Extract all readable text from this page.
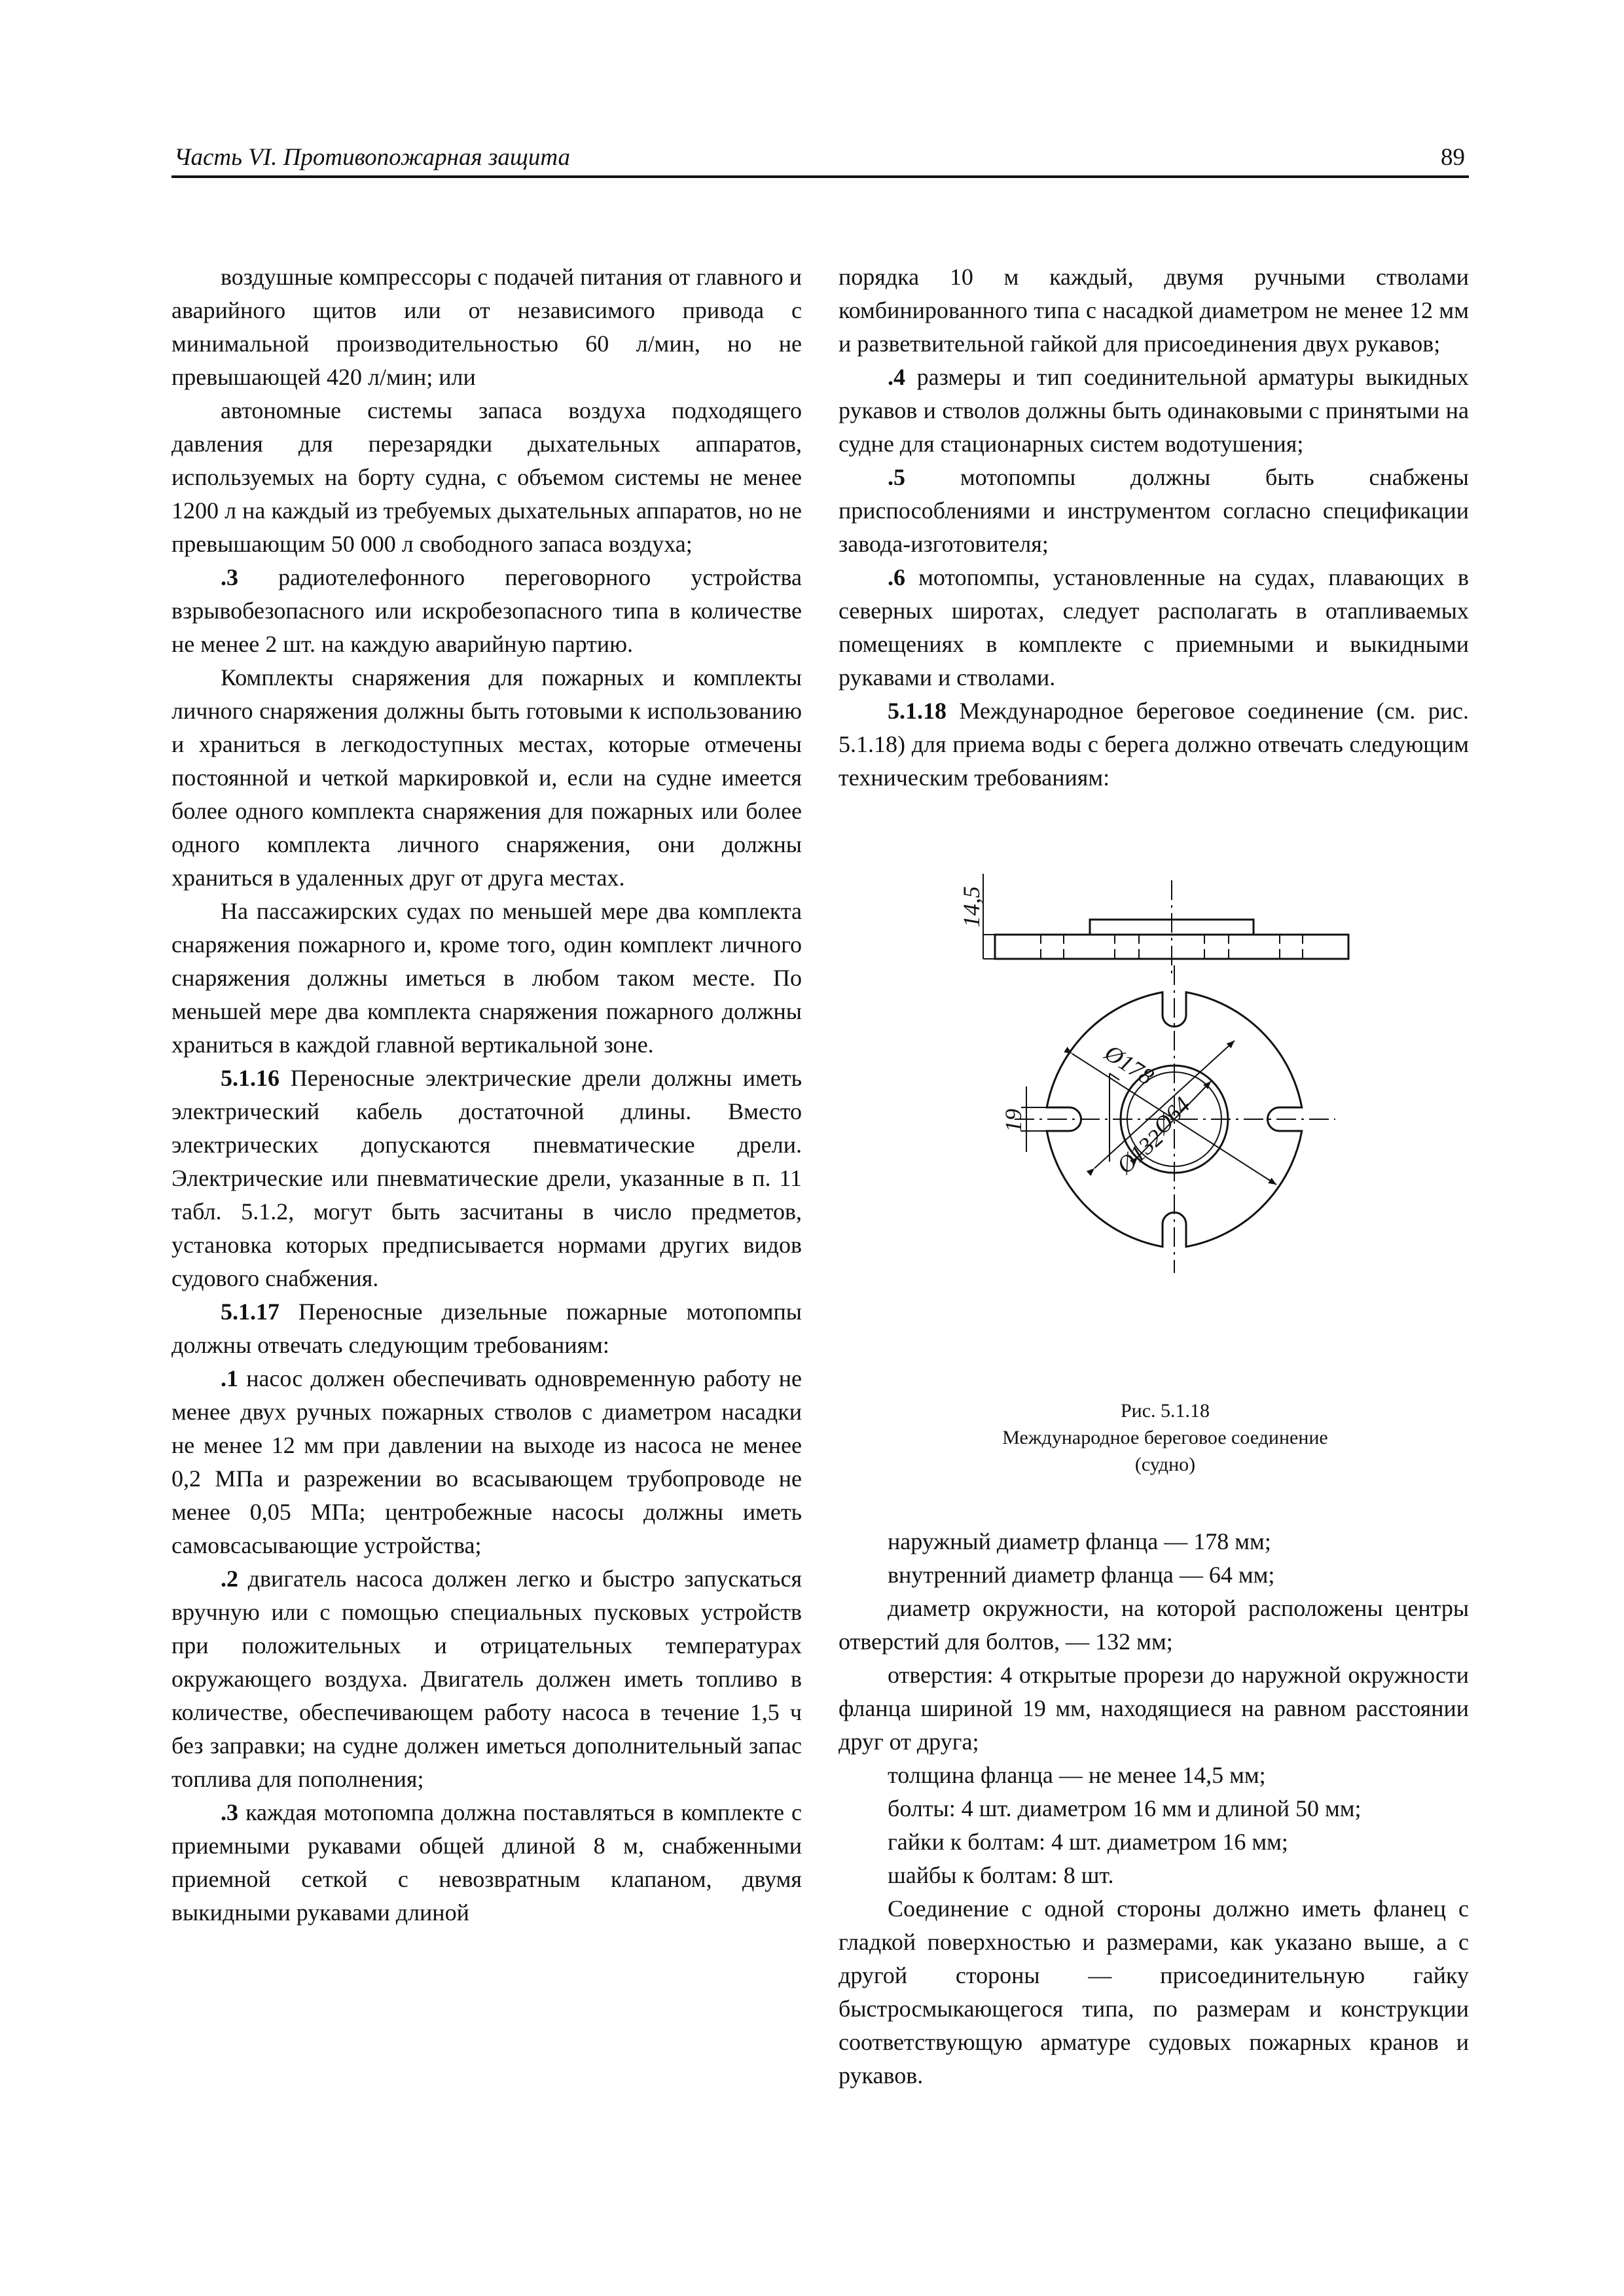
Часть VI. Противопожарная защита	89

воздушные компрессоры с подачей питания от главного и аварийного щитов или от независимого привода с минимальной производительностью 60 л/мин, но не превышающей 420 л/мин; или

автономные системы запаса воздуха подходящего давления для перезарядки дыхательных аппаратов, используемых на борту судна, с объемом системы не менее 1200 л на каждый из требуемых дыхательных аппаратов, но не превышающим 50 000 л свободного запаса воздуха;

.3 радиотелефонного переговорного устройства взрывобезопасного или искробезопасного типа в количестве не менее 2 шт. на каждую аварийную партию.

Комплекты снаряжения для пожарных и комплекты личного снаряжения должны быть готовыми к использованию и храниться в легкодоступных местах, которые отмечены постоянной и четкой маркировкой и, если на судне имеется более одного комплекта снаряжения для пожарных или более одного комплекта личного снаряжения, они должны храниться в удаленных друг от друга местах.

На пассажирских судах по меньшей мере два комплекта снаряжения пожарного и, кроме того, один комплект личного снаряжения должны иметься в любом таком месте. По меньшей мере два комплекта снаряжения пожарного должны храниться в каждой главной вертикальной зоне.

5.1.16 Переносные электрические дрели должны иметь электрический кабель достаточной длины. Вместо электрических допускаются пневматические дрели. Электрические или пневматические дрели, указанные в п. 11 табл. 5.1.2, могут быть засчитаны в число предметов, установка которых предписывается нормами других видов судового снабжения.

5.1.17 Переносные дизельные пожарные мотопомпы должны отвечать следующим требованиям:

.1 насос должен обеспечивать одновременную работу не менее двух ручных пожарных стволов с диаметром насадки не менее 12 мм при давлении на выходе из насоса не менее 0,2 МПа и разрежении во всасывающем трубопроводе не менее 0,05 МПа; центробежные насосы должны иметь самовсасывающие устройства;

.2 двигатель насоса должен легко и быстро запускаться вручную или с помощью специальных пусковых устройств при положительных и отрицательных температурах окружающего воздуха. Двигатель должен иметь топливо в количестве, обеспечивающем работу насоса в течение 1,5 ч без заправки; на судне должен иметься дополнительный запас топлива для пополнения;

.3 каждая мотопомпа должна поставляться в комплекте с приемными рукавами общей длиной 8 м, снабженными приемной сеткой с невозвратным клапаном, двумя выкидными рукавами длиной

порядка 10 м каждый, двумя ручными стволами комбинированного типа с насадкой диаметром не менее 12 мм и разветвительной гайкой для присоединения двух рукавов;

.4 размеры и тип соединительной арматуры выкидных рукавов и стволов должны быть одинаковыми с принятыми на судне для стационарных систем водотушения;

.5 мотопомпы должны быть снабжены приспособлениями и инструментом согласно спецификации завода-изготовителя;

.6 мотопомпы, установленные на судах, плавающих в северных широтах, следует располагать в отапливаемых помещениях в комплекте с приемными и выкидными рукавами и стволами.

5.1.18 Международное береговое соединение (см. рис. 5.1.18) для приема воды с берега должно отвечать следующим техническим требованиям:

14,5
Ø178
Ø64
Ø132
19
Рис. 5.1.18
Международное береговое соединение
(судно)

наружный диаметр фланца — 178 мм;

внутренний диаметр фланца — 64 мм;

диаметр окружности, на которой расположены центры отверстий для болтов, — 132 мм;

отверстия: 4 открытые прорези до наружной окружности фланца шириной 19 мм, находящиеся на равном расстоянии друг от друга;

толщина фланца — не менее 14,5 мм;

болты: 4 шт. диаметром 16 мм и длиной 50 мм;

гайки к болтам: 4 шт. диаметром 16 мм;

шайбы к болтам: 8 шт.

Соединение с одной стороны должно иметь фланец с гладкой поверхностью и размерами, как указано выше, а с другой стороны — присоединительную гайку быстросмыкающегося типа, по размерам и конструкции соответствующую арматуре судовых пожарных кранов и рукавов.
